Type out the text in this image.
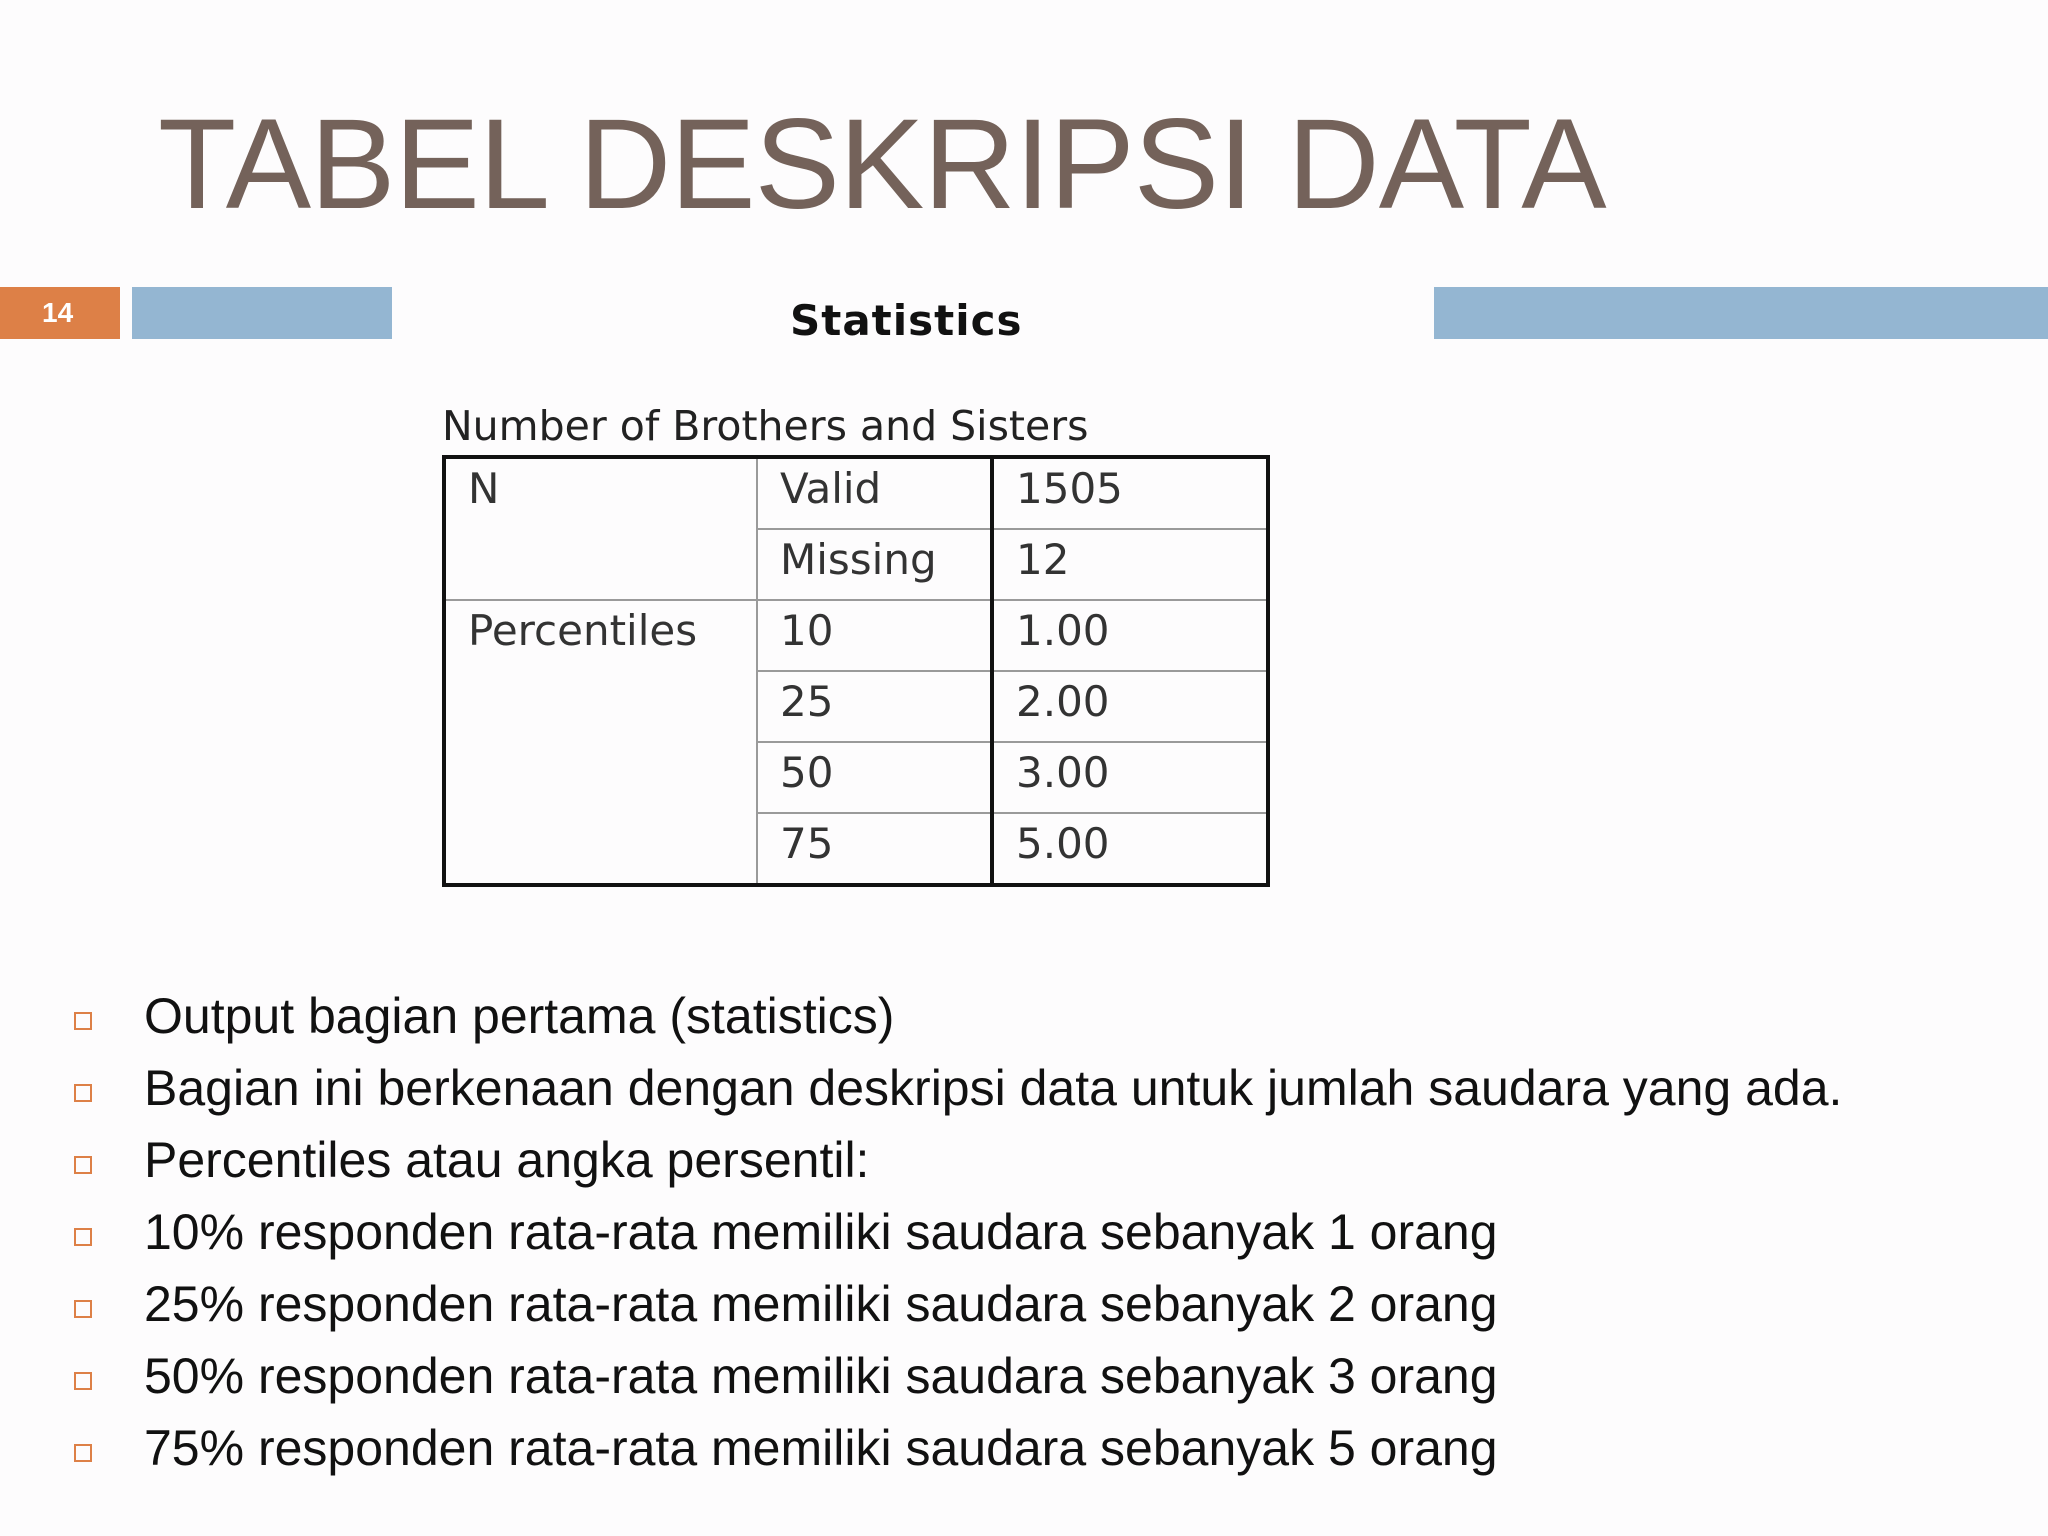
TABEL DESKRIPSI DATA
14	Statistics
Number of Brothers and Sisters
N	Valid	1505
	Missing	12
Percentiles	10	1.00
	25	2.00
	50	3.00
	75	5.00
Output bagian pertama (statistics)
Bagian ini berkenaan dengan deskripsi data untuk jumlah saudara yang ada.
Percentiles atau angka persentil:
10% responden rata-rata memiliki saudara sebanyak 1 orang
25% responden rata-rata memiliki saudara sebanyak 2 orang
50% responden rata-rata memiliki saudara sebanyak 3 orang
75% responden rata-rata memiliki saudara sebanyak 5 orang
